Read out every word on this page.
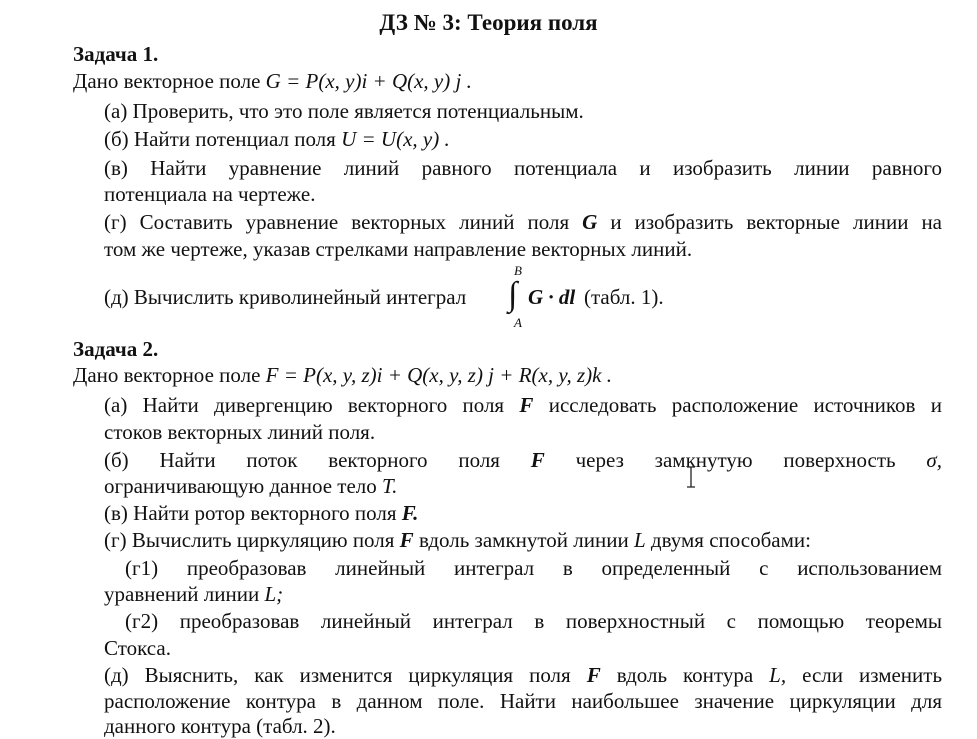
ДЗ № 3: Теория поля
Задача 1.
Дано векторное поле G = P(x, y)i + Q(x, y) j .
(а) Проверить, что это поле является потенциальным.
(б) Найти потенциал поля U = U(x, y) .
(в) Найти уравнение линий равного потенциала и изобразить линии равного
потенциала на чертеже.
(г) Составить уравнение векторных линий поля G и изобразить векторные линии на
том же чертеже, указав стрелками направление векторных линий.
(д) Вычислить криволинейный интеграл
B
∫
A
G · dl (табл. 1).
Задача 2.
Дано векторное поле F = P(x, y, z)i + Q(x, y, z) j + R(x, y, z)k .
(а) Найти дивергенцию векторного поля F исследовать расположение источников и
стоков векторных линий поля.
(б) Найти поток векторного поля F через замкнутую поверхность σ,
ограничивающую данное тело T.
(в) Найти ротор векторного поля F.
(г) Вычислить циркуляцию поля F вдоль замкнутой линии L двумя способами:
(г1) преобразовав линейный интеграл в определенный с использованием
уравнений линии L;
(г2) преобразовав линейный интеграл в поверхностный с помощью теоремы
Стокса.
(д) Выяснить, как изменится циркуляция поля F вдоль контура L, если изменить
расположение контура в данном поле. Найти наибольшее значение циркуляции для
данного контура (табл. 2).
